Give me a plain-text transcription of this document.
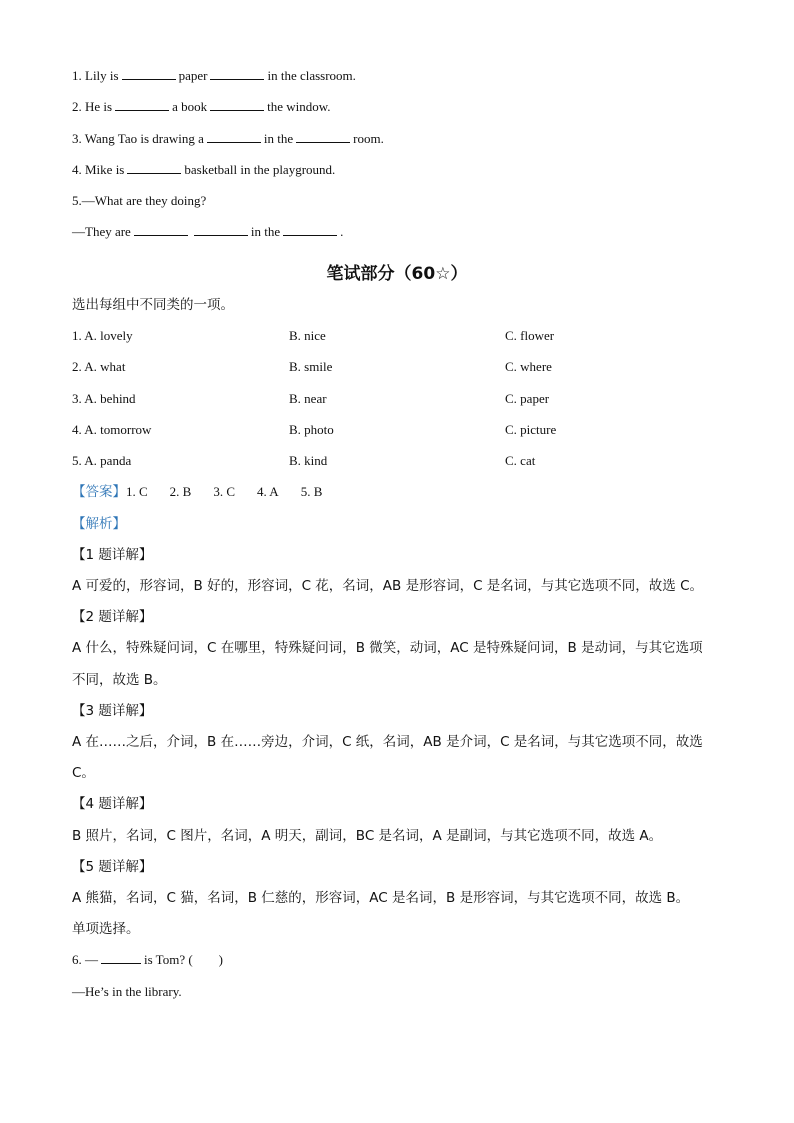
1. Lily is	paper	in the classroom.
2. He is	a book	the window.
3. Wang Tao is drawing a	in the	room.
4. Mike is	basketball in the playground.
5.—What are they doing?
—They are	in the	.
笔试部分（60☆）
选出每组中不同类的一项。
1. A. lovely	B. nice	C. flower
2. A. what	B. smile	C. where
3. A. behind	B. near	C. paper
4. A. tomorrow	B. photo	C. picture
5. A. panda	B. kind	C. cat
【答案】1. C 2. B 3. C 4. A 5. B
【解析】
【1 题详解】
A 可爱的，形容词，B 好的，形容词，C 花，名词，AB 是形容词，C 是名词，与其它选项不同，故选 C。
【2 题详解】
A 什么，特殊疑问词，C 在哪里，特殊疑问词，B 微笑，动词，AC 是特殊疑问词，B 是动词，与其它选项
不同，故选 B。
【3 题详解】
A 在……之后，介词，B 在……旁边，介词，C 纸，名词，AB 是介词，C 是名词，与其它选项不同，故选
C。
【4 题详解】
B 照片，名词，C 图片，名词，A 明天，副词，BC 是名词，A 是副词，与其它选项不同，故选 A。
【5 题详解】
A 熊猫，名词，C 猫，名词，B 仁慈的，形容词，AC 是名词，B 是形容词，与其它选项不同，故选 B。
单项选择。
6. —	is Tom? (　　)
—He’s in the library.
